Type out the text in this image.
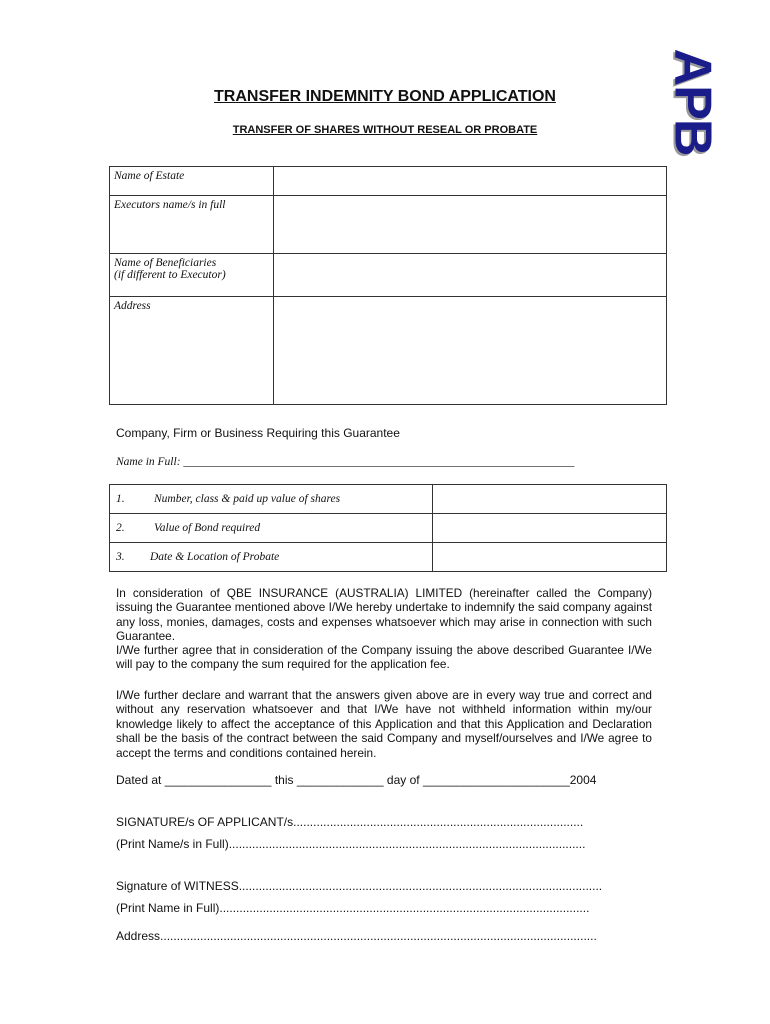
APB
TRANSFER INDEMNITY BOND APPLICATION
TRANSFER OF SHARES WITHOUT RESEAL OR PROBATE
Name of Estate	
Executors name/s in full	

Name of Beneficiaries
(if different to Executor)	

Address	
Company, Firm or Business Requiring this Guarantee
Name in Full: ____________________________________________________________________
1. Number, class & paid up value of shares	
2. Value of Bond required	
3. Date & Location of Probate	
In consideration of QBE INSURANCE (AUSTRALIA) LIMITED (hereinafter called the Company) issuing the Guarantee mentioned above I/We hereby undertake to indemnify the said company against any loss, monies, damages, costs and expenses whatsoever which may arise in connection with such Guarantee.
I/We further agree that in consideration of the Company issuing the above described Guarantee I/We will pay to the company the sum required for the application fee.
I/We further declare and warrant that the answers given above are in every way true and correct and without any reservation whatsoever and that I/We have not withheld information within my/our knowledge likely to affect the acceptance of this Application and that this Application and Declaration shall be the basis of the contract between the said Company and myself/ourselves and I/We agree to accept the terms and conditions contained herein.
Dated at ________________ this _____________ day of ______________________2004
SIGNATURE/s OF APPLICANT/s.......................................................................................
(Print Name/s in Full)...........................................................................................................
Signature of WITNESS.............................................................................................................
(Print Name in Full)...............................................................................................................
Address...................................................................................................................................
